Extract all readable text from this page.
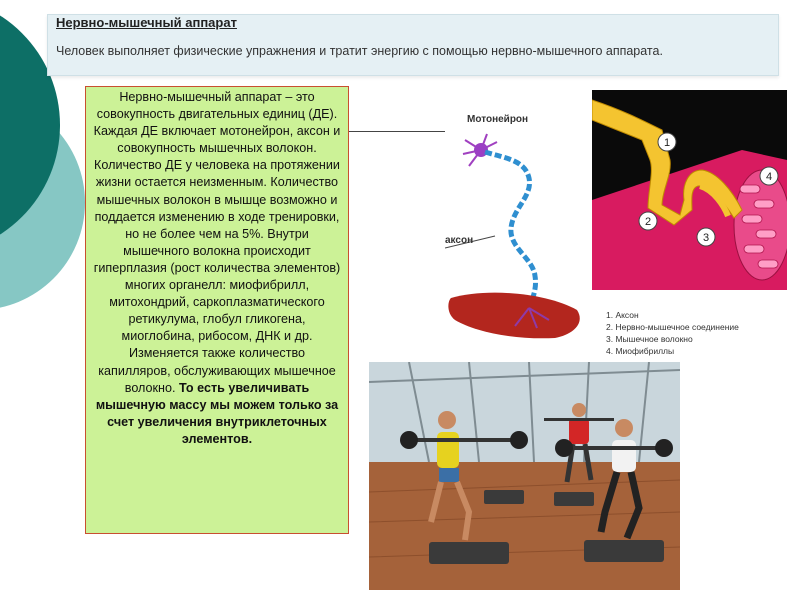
Нервно-мышечный аппарат
Человек выполняет физические упражнения и тратит энергию с помощью нервно-мышечного аппарата.
Нервно-мышечный аппарат – это совокупность двигательных единиц (ДЕ). Каждая ДЕ включает мотонейрон, аксон и совокупность мышечных волокон. Количество ДЕ у человека на протяжении жизни остается неизменным. Количество мышечных волокон в мышце возможно и поддается изменению в ходе тренировки, но не более чем на 5%. Внутри мышечного волокна происходит гиперплазия (рост количества элементов) многих органелл: миофибрилл, митохондрий, саркоплазматического ретикулума, глобул гликогена, миоглобина, рибосом, ДНК и др. Изменяется также количество капилляров, обслуживающих мышечное волокно. То есть увеличивать мышечную массу мы можем только за счет увеличения внутриклеточных элементов.
Мотонейрон
аксон
1
2
3
4
1. Аксон
2. Нервно-мышечное соединение
3. Мышечное волокно
4. Миофибриллы
